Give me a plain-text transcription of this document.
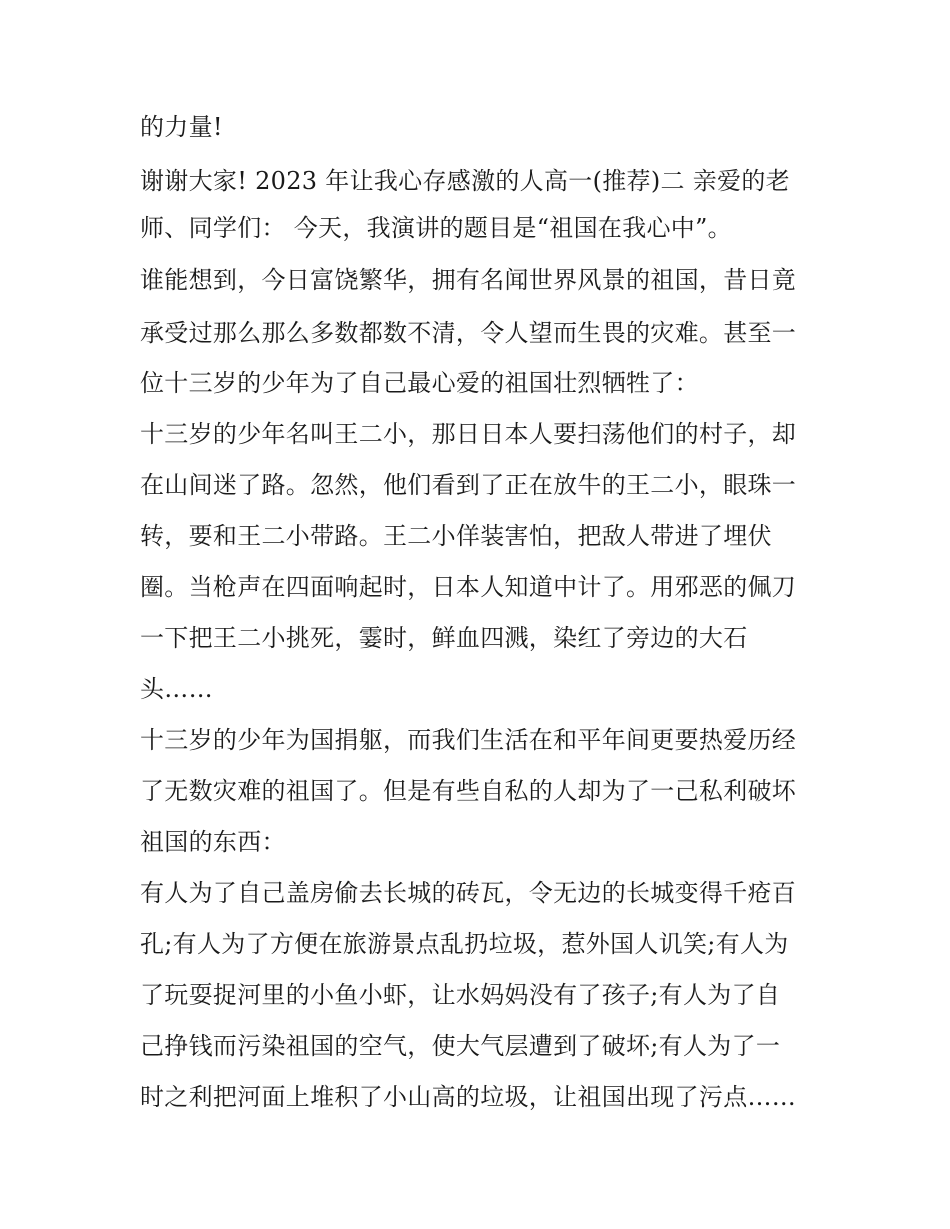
的力量!
谢谢大家! 2023 年让我心存感激的人高一(推荐)二 亲爱的老
师、同学们： 今天，我演讲的题目是“祖国在我心中”。
谁能想到，今日富饶繁华，拥有名闻世界风景的祖国，昔日竟
承受过那么那么多数都数不清，令人望而生畏的灾难。甚至一
位十三岁的少年为了自己最心爱的祖国壮烈牺牲了：
十三岁的少年名叫王二小，那日日本人要扫荡他们的村子，却
在山间迷了路。忽然，他们看到了正在放牛的王二小，眼珠一
转，要和王二小带路。王二小佯装害怕，把敌人带进了埋伏
圈。当枪声在四面响起时，日本人知道中计了。用邪恶的佩刀
一下把王二小挑死，霎时，鲜血四溅，染红了旁边的大石
头……
十三岁的少年为国捐躯，而我们生活在和平年间更要热爱历经
了无数灾难的祖国了。但是有些自私的人却为了一己私利破坏
祖国的东西：
有人为了自己盖房偷去长城的砖瓦，令无边的长城变得千疮百
孔;有人为了方便在旅游景点乱扔垃圾，惹外国人讥笑;有人为
了玩耍捉河里的小鱼小虾，让水妈妈没有了孩子;有人为了自
己挣钱而污染祖国的空气，使大气层遭到了破坏;有人为了一
时之利把河面上堆积了小山高的垃圾，让祖国出现了污点……
